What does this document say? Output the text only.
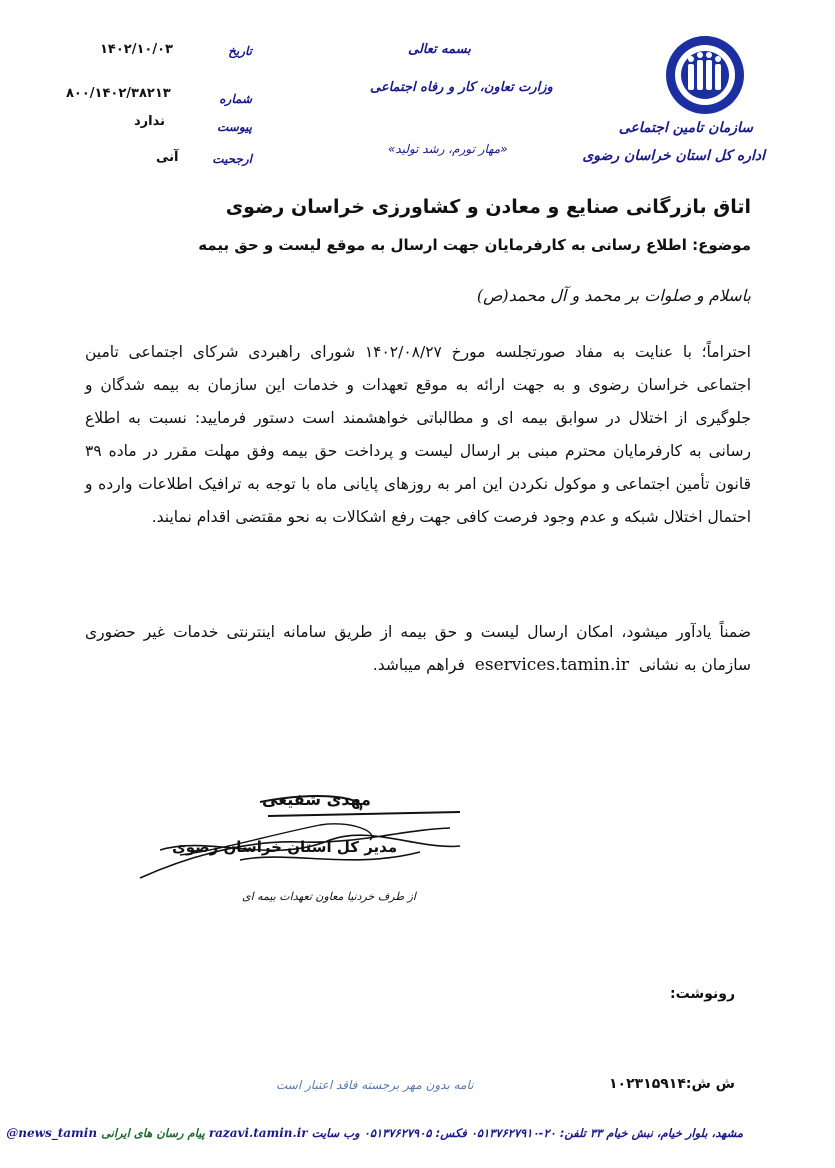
سازمان تامین اجتماعی
اداره کل استان خراسان رضوی
بسمه تعالی
وزارت تعاون، کار و رفاه اجتماعی
«مهار تورم، رشد تولید»
تاریخ
۱۴۰۲/۱۰/۰۳
شماره
۸۰۰/۱۴۰۲/۳۸۲۱۳
پیوست
ندارد
ارجحیت
آنی
اتاق بازرگانی صنایع و معادن و کشاورزی خراسان رضوی
موضوع: اطلاع رسانی به کارفرمایان جهت ارسال به موقع لیست و حق بیمه
باسلام و صلوات بر محمد و آل محمد(ص)
احتراماً؛ با عنایت به مفاد صورتجلسه مورخ ۱۴۰۲/۰۸/۲۷ شورای راهبردی شرکای اجتماعی تامین اجتماعی خراسان رضوی و به جهت ارائه به موقع تعهدات و خدمات این سازمان به بیمه شدگان و جلوگیری از اختلال در سوابق بیمه ای و مطالباتی خواهشمند است دستور فرمایید: نسبت به اطلاع رسانی به کارفرمایان محترم مبنی بر ارسال لیست و پرداخت حق بیمه وفق مهلت مقرر در ماده ۳۹ قانون تأمین اجتماعی و موکول نکردن این امر به روزهای پایانی ماه با توجه به ترافیک اطلاعات وارده و احتمال اختلال شبکه و عدم وجود فرصت کافی جهت رفع اشکالات به نحو مقتضی اقدام نمایند.
ضمناً یادآور میشود، امکان ارسال لیست و حق بیمه از طریق سامانه اینترنتی خدمات غیر حضوری سازمان به نشانی  eservices.tamin.ir  فراهم میباشد.
مهدی شفیعی
مدیر کل استان خراسان رضوی
از طرف خردنیا معاون تعهدات بیمه ای
رونوشت:
ش ش:۱۰۲۳۱۵۹۱۴
نامه بدون مهر برجسته فاقد اعتبار است
مشهد، بلوار خیام، نبش خیام ۳۳ تلفن: ۲۰-۰۵۱۳۷۶۲۷۹۱۰ فکس: ۰۵۱۳۷۶۲۷۹۰۵ وب سایت razavi.tamin.ir پیام رسان های ایرانی @news_tamin
